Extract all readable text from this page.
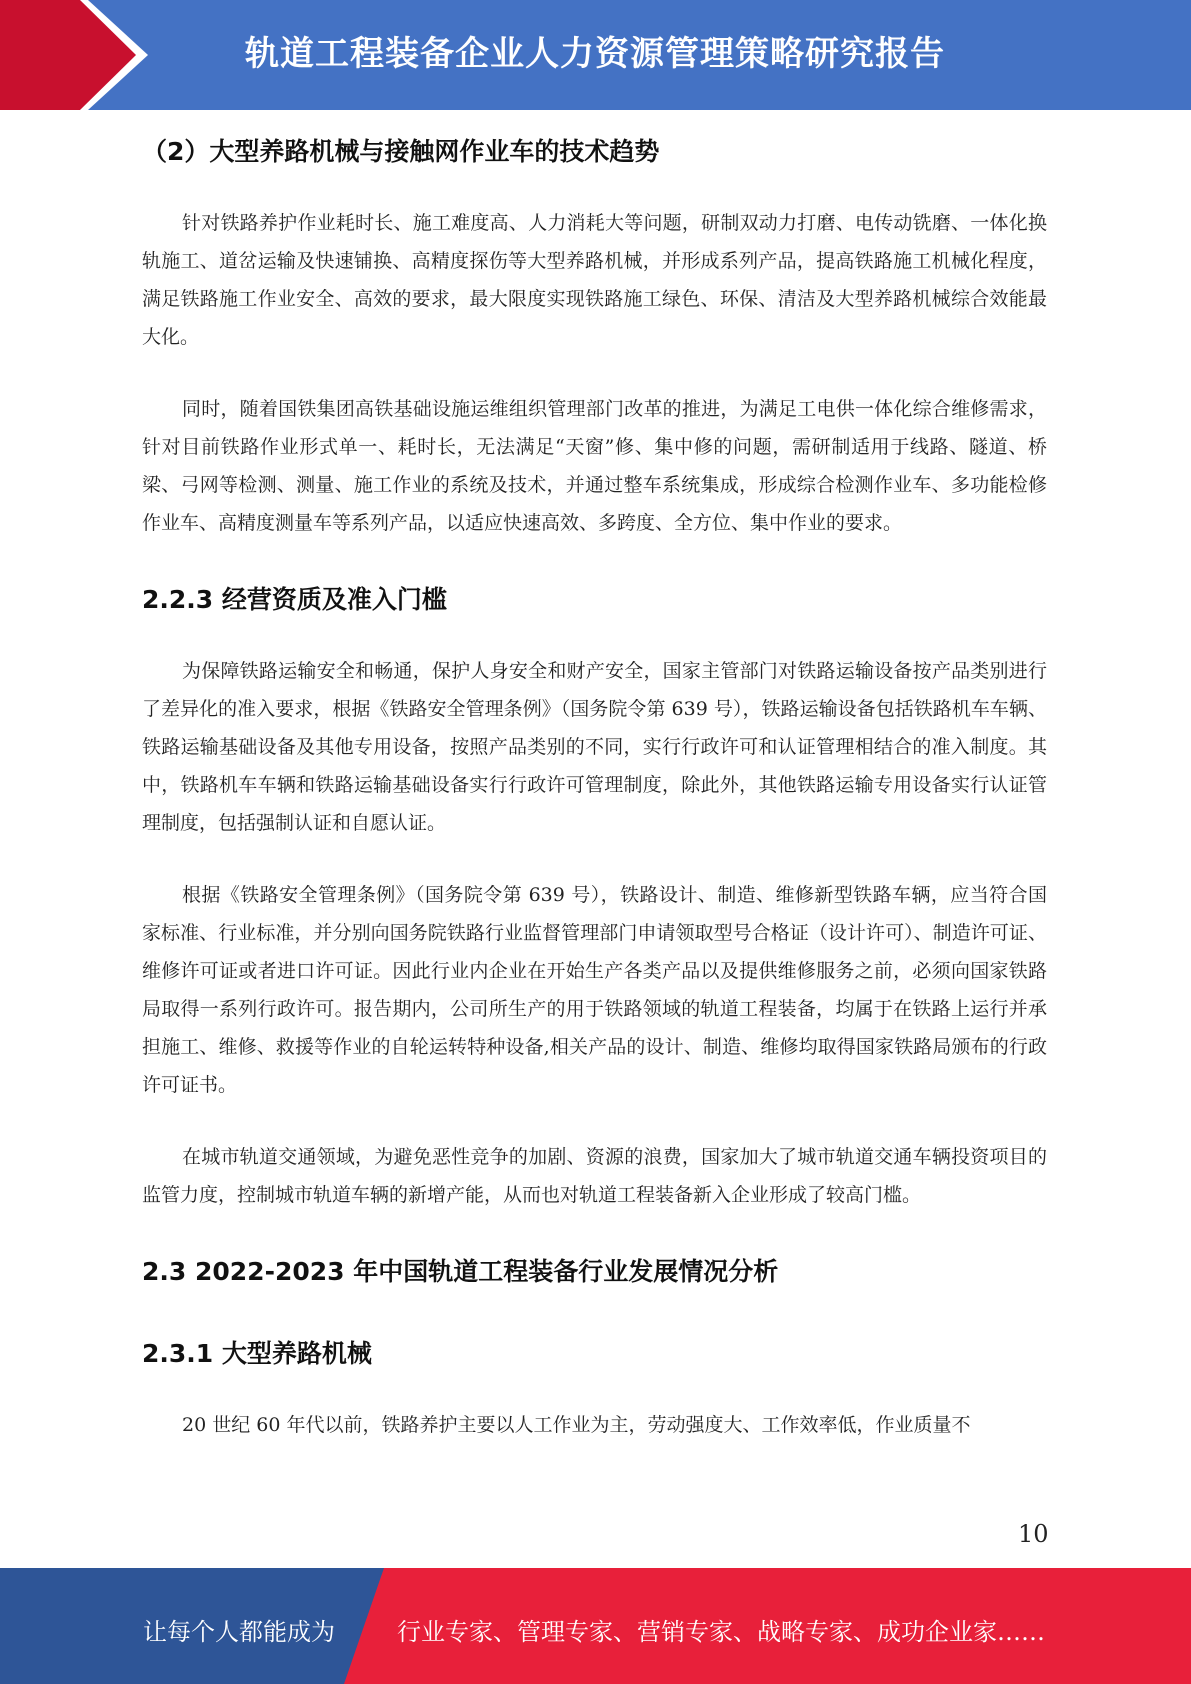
轨道工程装备企业人力资源管理策略研究报告
（2）大型养路机械与接触网作业车的技术趋势

针对铁路养护作业耗时长、施工难度高、人力消耗大等问题，研制双动力打磨、电传动铣磨、一体化换轨施工、道岔运输及快速铺换、高精度探伤等大型养路机械，并形成系列产品，提高铁路施工机械化程度，满足铁路施工作业安全、高效的要求，最大限度实现铁路施工绿色、环保、清洁及大型养路机械综合效能最大化。

同时，随着国铁集团高铁基础设施运维组织管理部门改革的推进，为满足工电供一体化综合维修需求，针对目前铁路作业形式单一、耗时长，无法满足“天窗”修、集中修的问题，需研制适用于线路、隧道、桥梁、弓网等检测、测量、施工作业的系统及技术，并通过整车系统集成，形成综合检测作业车、多功能检修作业车、高精度测量车等系列产品，以适应快速高效、多跨度、全方位、集中作业的要求。

2.2.3 经营资质及准入门槛

为保障铁路运输安全和畅通，保护人身安全和财产安全，国家主管部门对铁路运输设备按产品类别进行了差异化的准入要求，根据《铁路安全管理条例》（国务院令第 639 号），铁路运输设备包括铁路机车车辆、铁路运输基础设备及其他专用设备，按照产品类别的不同，实行行政许可和认证管理相结合的准入制度。其中，铁路机车车辆和铁路运输基础设备实行行政许可管理制度，除此外，其他铁路运输专用设备实行认证管理制度，包括强制认证和自愿认证。

根据《铁路安全管理条例》（国务院令第 639 号），铁路设计、制造、维修新型铁路车辆，应当符合国家标准、行业标准，并分别向国务院铁路行业监督管理部门申请领取型号合格证（设计许可）、制造许可证、维修许可证或者进口许可证。因此行业内企业在开始生产各类产品以及提供维修服务之前，必须向国家铁路局取得一系列行政许可。报告期内，公司所生产的用于铁路领域的轨道工程装备，均属于在铁路上运行并承担施工、维修、救援等作业的自轮运转特种设备,相关产品的设计、制造、维修均取得国家铁路局颁布的行政许可证书。

在城市轨道交通领域，为避免恶性竞争的加剧、资源的浪费，国家加大了城市轨道交通车辆投资项目的监管力度，控制城市轨道车辆的新增产能，从而也对轨道工程装备新入企业形成了较高门槛。

2.3 2022-2023 年中国轨道工程装备行业发展情况分析
2.3.1 大型养路机械

20 世纪 60 年代以前，铁路养护主要以人工作业为主，劳动强度大、工作效率低，作业质量不

10
让每个人都能成为	行业专家、管理专家、营销专家、战略专家、成功企业家……
